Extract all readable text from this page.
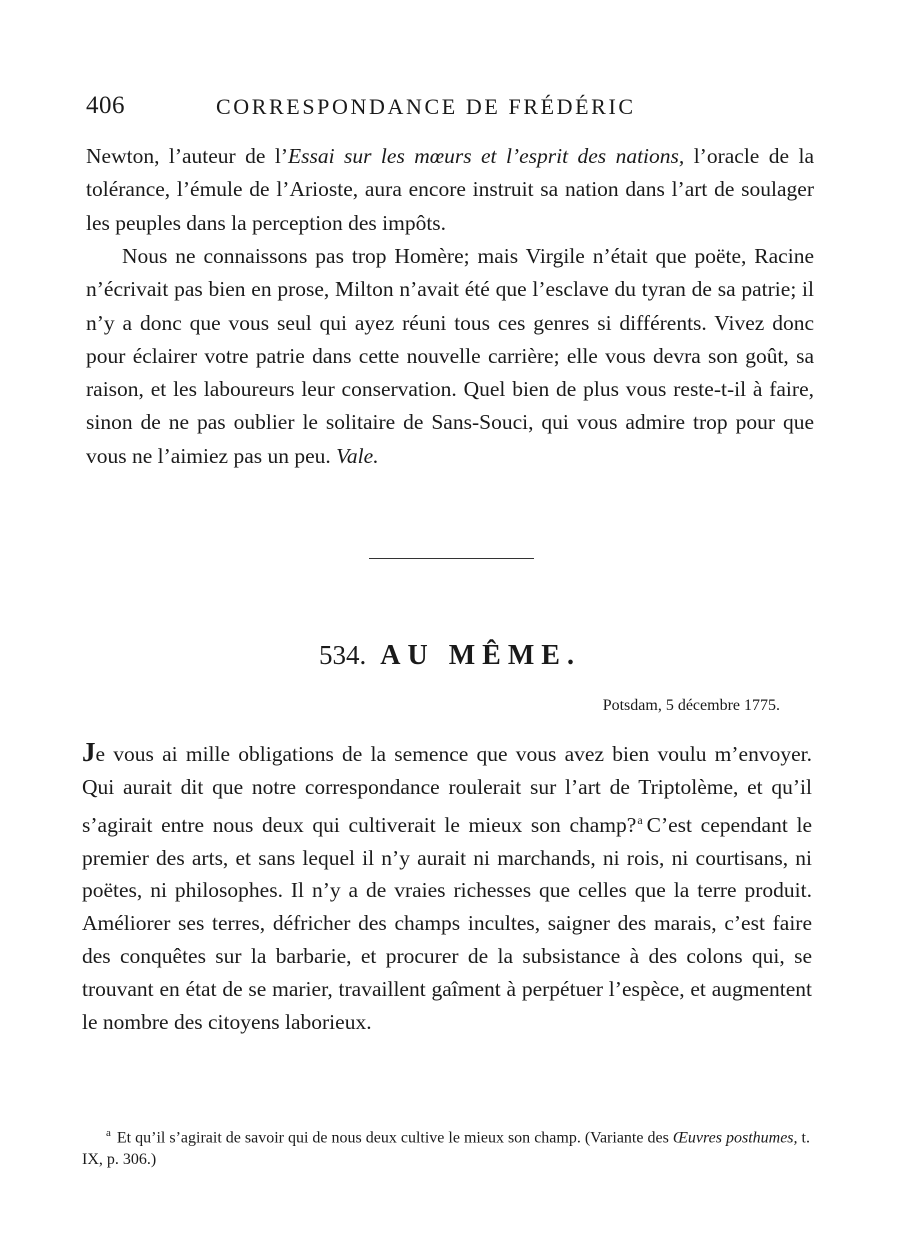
406	CORRESPONDANCE DE FRÉDÉRIC

Newton, l’auteur de l’Essai sur les mœurs et l’esprit des nations, l’oracle de la tolérance, l’émule de l’Arioste, aura encore instruit sa nation dans l’art de soulager les peuples dans la perception des impôts.

Nous ne connaissons pas trop Homère; mais Virgile n’était que poëte, Racine n’écrivait pas bien en prose, Milton n’avait été que l’esclave du tyran de sa patrie; il n’y a donc que vous seul qui ayez réuni tous ces genres si différents. Vivez donc pour éclairer votre patrie dans cette nouvelle carrière; elle vous devra son goût, sa raison, et les laboureurs leur conservation. Quel bien de plus vous reste-t-il à faire, sinon de ne pas oublier le solitaire de Sans-Souci, qui vous admire trop pour que vous ne l’aimiez pas un peu. Vale.

534. AU MÊME.
Potsdam, 5 décembre 1775.

Je vous ai mille obligations de la semence que vous avez bien voulu m’envoyer. Qui aurait dit que notre correspondance roulerait sur l’art de Triptolème, et qu’il s’agirait entre nous deux qui cultiverait le mieux son champ?$^a$ C’est cependant le premier des arts, et sans lequel il n’y aurait ni marchands, ni rois, ni courtisans, ni poëtes, ni philosophes. Il n’y a de vraies richesses que celles que la terre produit. Améliorer ses terres, défricher des champs incultes, saigner des marais, c’est faire des conquêtes sur la barbarie, et procurer de la subsistance à des colons qui, se trouvant en état de se marier, travaillent gaîment à perpétuer l’espèce, et augmentent le nombre des citoyens laborieux.

$^a$ Et qu’il s’agirait de savoir qui de nous deux cultive le mieux son champ. (Variante des Œuvres posthumes, t. IX, p. 306.)
